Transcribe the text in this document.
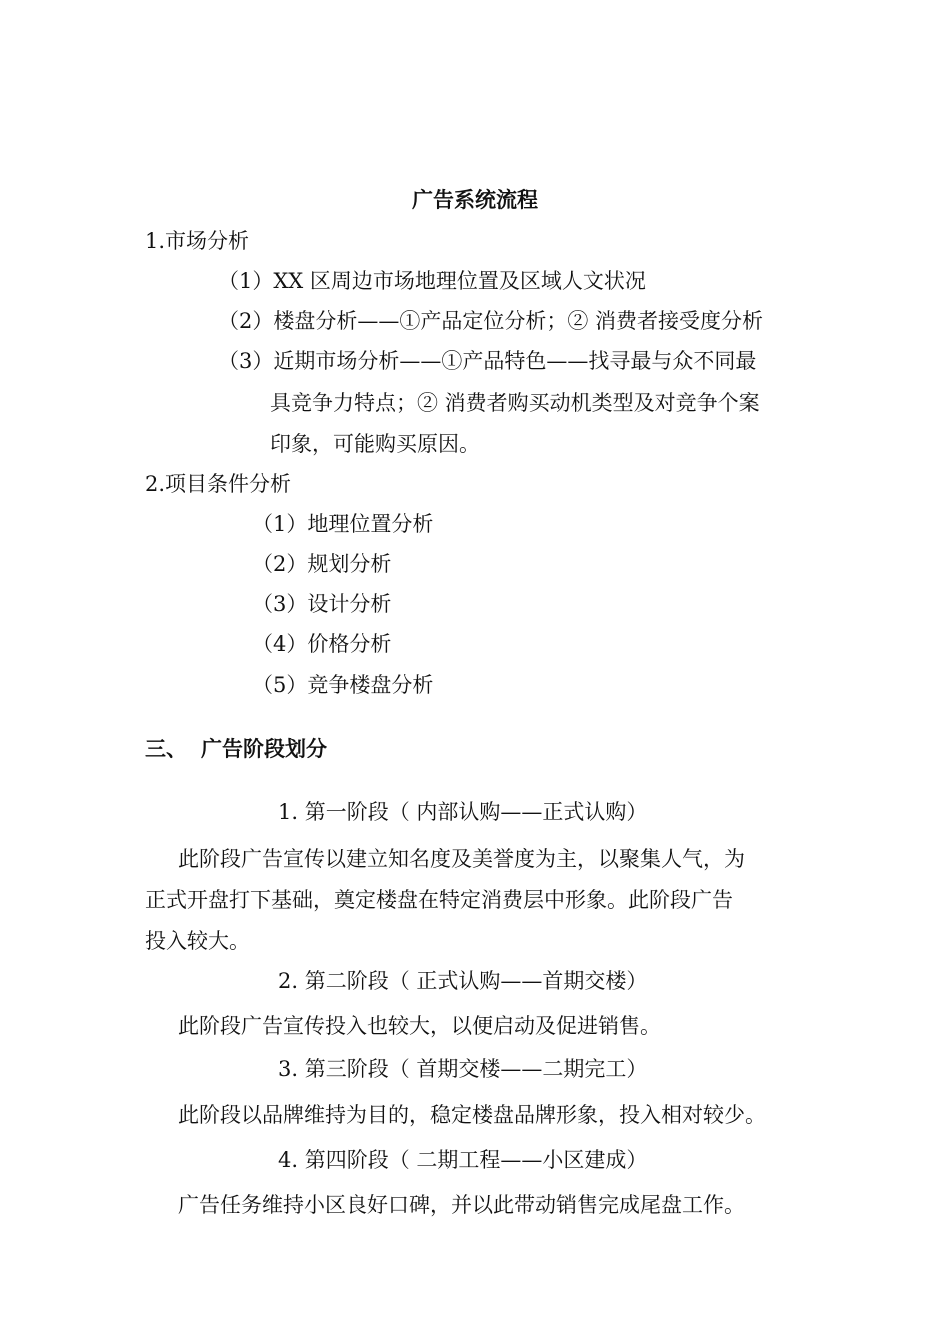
广告系统流程
1.市场分析
（1）XX 区周边市场地理位置及区域人文状况
（2）楼盘分析——①产品定位分析；② 消费者接受度分析
（3）近期市场分析——①产品特色——找寻最与众不同最
具竞争力特点；② 消费者购买动机类型及对竞争个案
印象，可能购买原因。
2.项目条件分析
（1）地理位置分析
（2）规划分析
（3）设计分析
（4）价格分析
（5）竞争楼盘分析
三、 广告阶段划分
1. 第一阶段（ 内部认购——正式认购）
此阶段广告宣传以建立知名度及美誉度为主，以聚集人气，为
正式开盘打下基础，奠定楼盘在特定消费层中形象。此阶段广告
投入较大。
2. 第二阶段（ 正式认购——首期交楼）
此阶段广告宣传投入也较大，以便启动及促进销售。
3. 第三阶段（ 首期交楼——二期完工）
此阶段以品牌维持为目的，稳定楼盘品牌形象，投入相对较少。
4. 第四阶段（ 二期工程——小区建成）
广告任务维持小区良好口碑，并以此带动销售完成尾盘工作。
